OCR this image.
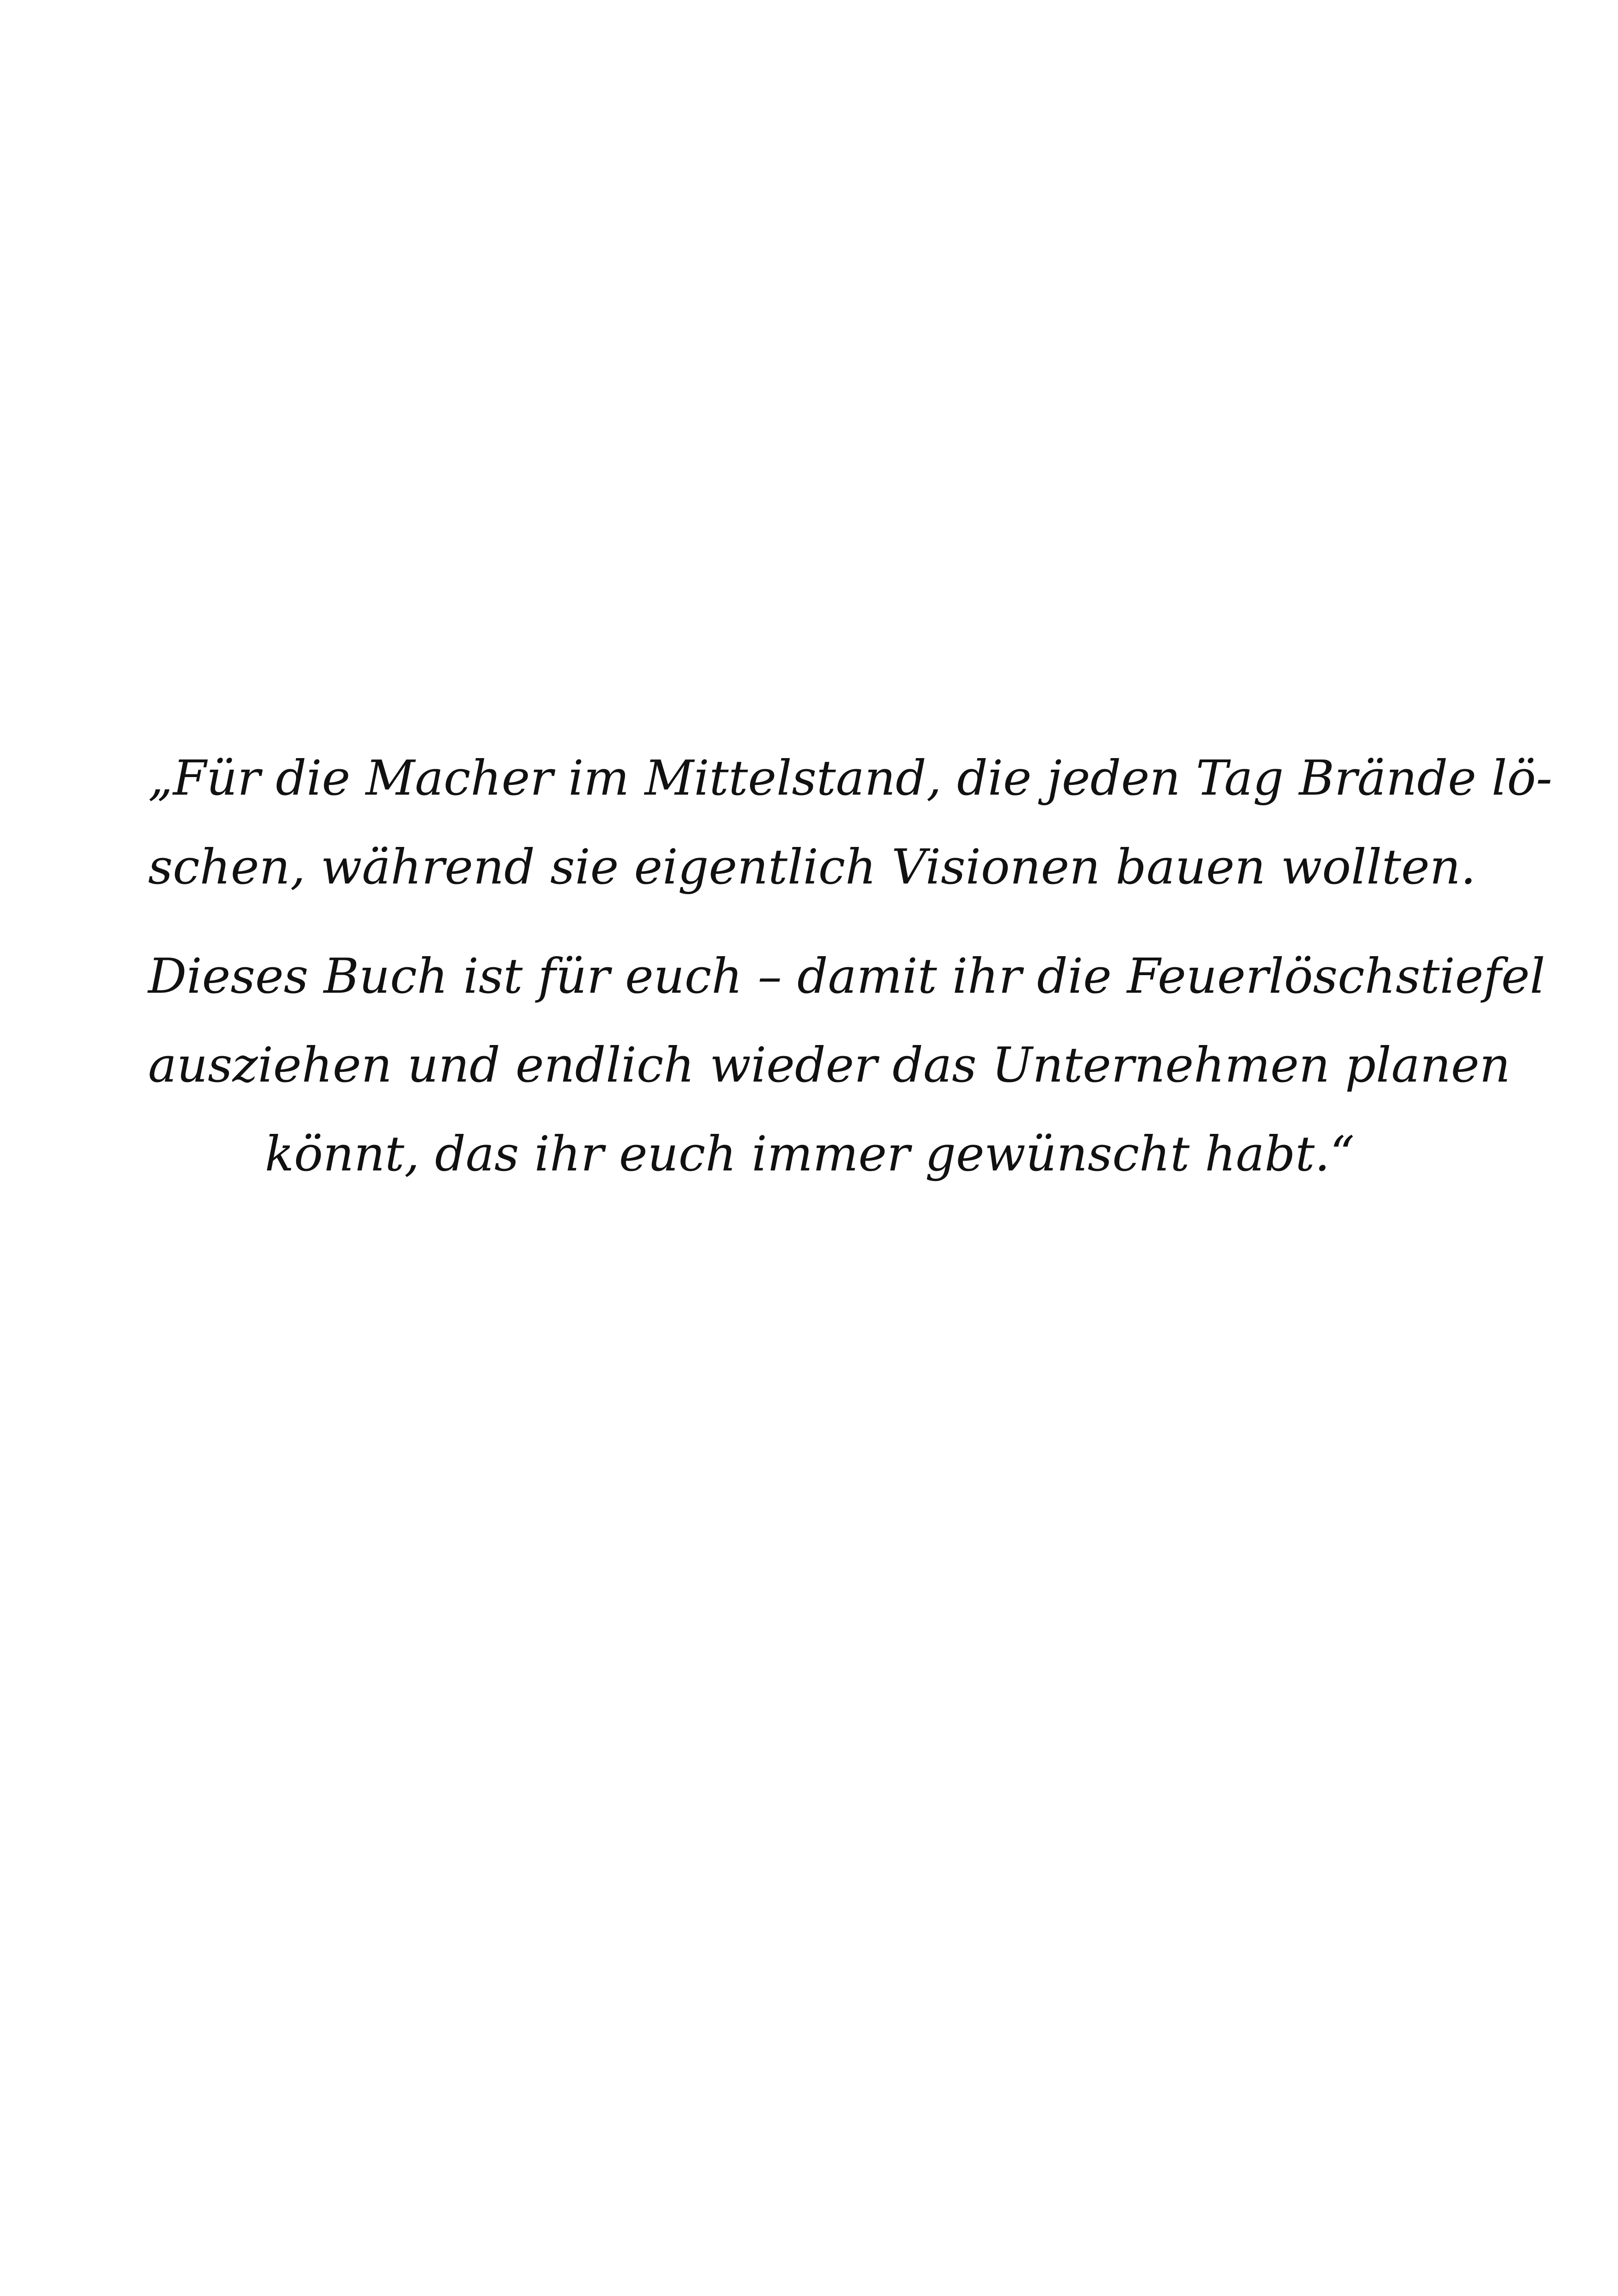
„Für die Macher im Mittelstand, die jeden Tag Brände lö-
schen, während sie eigentlich Visionen bauen wollten.

Dieses Buch ist für euch – damit ihr die Feuerlöschstiefel
ausziehen und endlich wieder das Unternehmen planen
könnt, das ihr euch immer gewünscht habt.“
